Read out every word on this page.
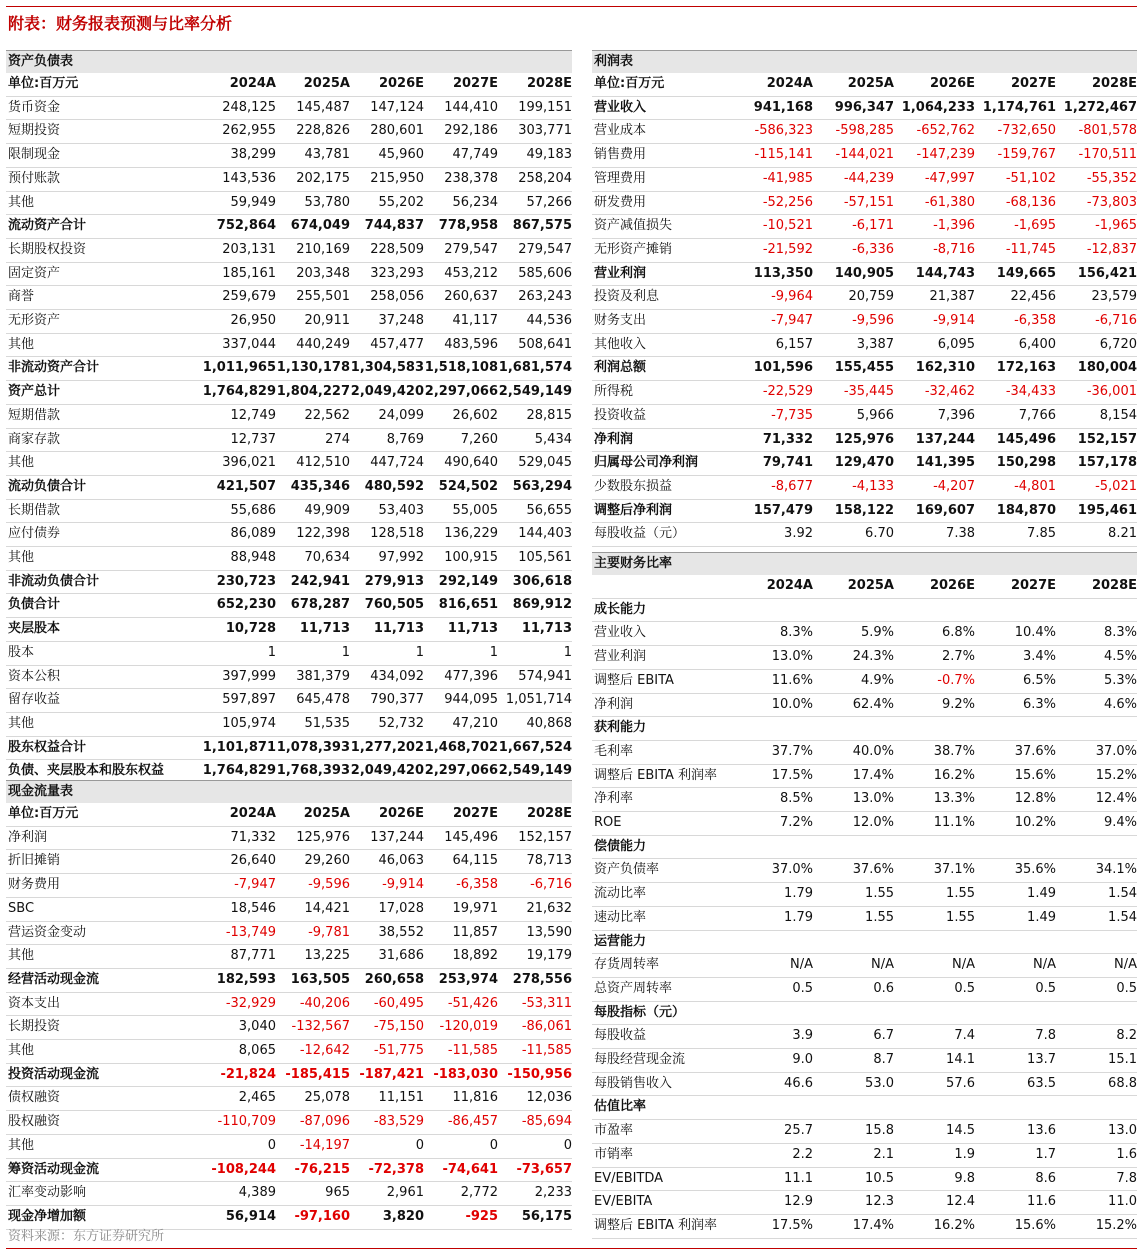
附表：财务报表预测与比率分析
资产负债表
单位:百万元	2024A	2025A	2026E	2027E	2028E
货币资金	248,125	145,487	147,124	144,410	199,151
短期投资	262,955	228,826	280,601	292,186	303,771
限制现金	38,299	43,781	45,960	47,749	49,183
预付账款	143,536	202,175	215,950	238,378	258,204
其他	59,949	53,780	55,202	56,234	57,266
流动资产合计	752,864	674,049	744,837	778,958	867,575
长期股权投资	203,131	210,169	228,509	279,547	279,547
固定资产	185,161	203,348	323,293	453,212	585,606
商誉	259,679	255,501	258,056	260,637	263,243
无形资产	26,950	20,911	37,248	41,117	44,536
其他	337,044	440,249	457,477	483,596	508,641
非流动资产合计	1,011,965	1,130,178	1,304,583	1,518,108	1,681,574
资产总计	1,764,829	1,804,227	2,049,420	2,297,066	2,549,149
短期借款	12,749	22,562	24,099	26,602	28,815
商家存款	12,737	274	8,769	7,260	5,434
其他	396,021	412,510	447,724	490,640	529,045
流动负债合计	421,507	435,346	480,592	524,502	563,294
长期借款	55,686	49,909	53,403	55,005	56,655
应付债券	86,089	122,398	128,518	136,229	144,403
其他	88,948	70,634	97,992	100,915	105,561
非流动负债合计	230,723	242,941	279,913	292,149	306,618
负债合计	652,230	678,287	760,505	816,651	869,912
夹层股本	10,728	11,713	11,713	11,713	11,713
股本	1	1	1	1	1
资本公积	397,999	381,379	434,092	477,396	574,941
留存收益	597,897	645,478	790,377	944,095	1,051,714
其他	105,974	51,535	52,732	47,210	40,868
股东权益合计	1,101,871	1,078,393	1,277,202	1,468,702	1,667,524
负债、夹层股本和股东权益	1,764,829	1,768,393	2,049,420	2,297,066	2,549,149
现金流量表
单位:百万元	2024A	2025A	2026E	2027E	2028E
净利润	71,332	125,976	137,244	145,496	152,157
折旧摊销	26,640	29,260	46,063	64,115	78,713
财务费用	-7,947	-9,596	-9,914	-6,358	-6,716
SBC	18,546	14,421	17,028	19,971	21,632
营运资金变动	-13,749	-9,781	38,552	11,857	13,590
其他	87,771	13,225	31,686	18,892	19,179
经营活动现金流	182,593	163,505	260,658	253,974	278,556
资本支出	-32,929	-40,206	-60,495	-51,426	-53,311
长期投资	3,040	-132,567	-75,150	-120,019	-86,061
其他	8,065	-12,642	-51,775	-11,585	-11,585
投资活动现金流	-21,824	-185,415	-187,421	-183,030	-150,956
债权融资	2,465	25,078	11,151	11,816	12,036
股权融资	-110,709	-87,096	-83,529	-86,457	-85,694
其他	0	-14,197	0	0	0
筹资活动现金流	-108,244	-76,215	-72,378	-74,641	-73,657
汇率变动影响	4,389	965	2,961	2,772	2,233
现金净增加额	56,914	-97,160	3,820	-925	56,175
利润表
单位:百万元	2024A	2025A	2026E	2027E	2028E
营业收入	941,168	996,347	1,064,233	1,174,761	1,272,467
营业成本	-586,323	-598,285	-652,762	-732,650	-801,578
销售费用	-115,141	-144,021	-147,239	-159,767	-170,511
管理费用	-41,985	-44,239	-47,997	-51,102	-55,352
研发费用	-52,256	-57,151	-61,380	-68,136	-73,803
资产减值损失	-10,521	-6,171	-1,396	-1,695	-1,965
无形资产摊销	-21,592	-6,336	-8,716	-11,745	-12,837
营业利润	113,350	140,905	144,743	149,665	156,421
投资及利息	-9,964	20,759	21,387	22,456	23,579
财务支出	-7,947	-9,596	-9,914	-6,358	-6,716
其他收入	6,157	3,387	6,095	6,400	6,720
利润总额	101,596	155,455	162,310	172,163	180,004
所得税	-22,529	-35,445	-32,462	-34,433	-36,001
投资收益	-7,735	5,966	7,396	7,766	8,154
净利润	71,332	125,976	137,244	145,496	152,157
归属母公司净利润	79,741	129,470	141,395	150,298	157,178
少数股东损益	-8,677	-4,133	-4,207	-4,801	-5,021
调整后净利润	157,479	158,122	169,607	184,870	195,461
每股收益（元）	3.92	6.70	7.38	7.85	8.21
主要财务比率
	2024A	2025A	2026E	2027E	2028E
成长能力					
营业收入	8.3%	5.9%	6.8%	10.4%	8.3%
营业利润	13.0%	24.3%	2.7%	3.4%	4.5%
调整后 EBITA	11.6%	4.9%	-0.7%	6.5%	5.3%
净利润	10.0%	62.4%	9.2%	6.3%	4.6%
获利能力					
毛利率	37.7%	40.0%	38.7%	37.6%	37.0%
调整后 EBITA 利润率	17.5%	17.4%	16.2%	15.6%	15.2%
净利率	8.5%	13.0%	13.3%	12.8%	12.4%
ROE	7.2%	12.0%	11.1%	10.2%	9.4%
偿债能力					
资产负债率	37.0%	37.6%	37.1%	35.6%	34.1%
流动比率	1.79	1.55	1.55	1.49	1.54
速动比率	1.79	1.55	1.55	1.49	1.54
运营能力					
存货周转率	N/A	N/A	N/A	N/A	N/A
总资产周转率	0.5	0.6	0.5	0.5	0.5
每股指标（元）					
每股收益	3.9	6.7	7.4	7.8	8.2
每股经营现金流	9.0	8.7	14.1	13.7	15.1
每股销售收入	46.6	53.0	57.6	63.5	68.8
估值比率					
市盈率	25.7	15.8	14.5	13.6	13.0
市销率	2.2	2.1	1.9	1.7	1.6
EV/EBITDA	11.1	10.5	9.8	8.6	7.8
EV/EBITA	12.9	12.3	12.4	11.6	11.0
调整后 EBITA 利润率	17.5%	17.4%	16.2%	15.6%	15.2%
资料来源：东方证券研究所
